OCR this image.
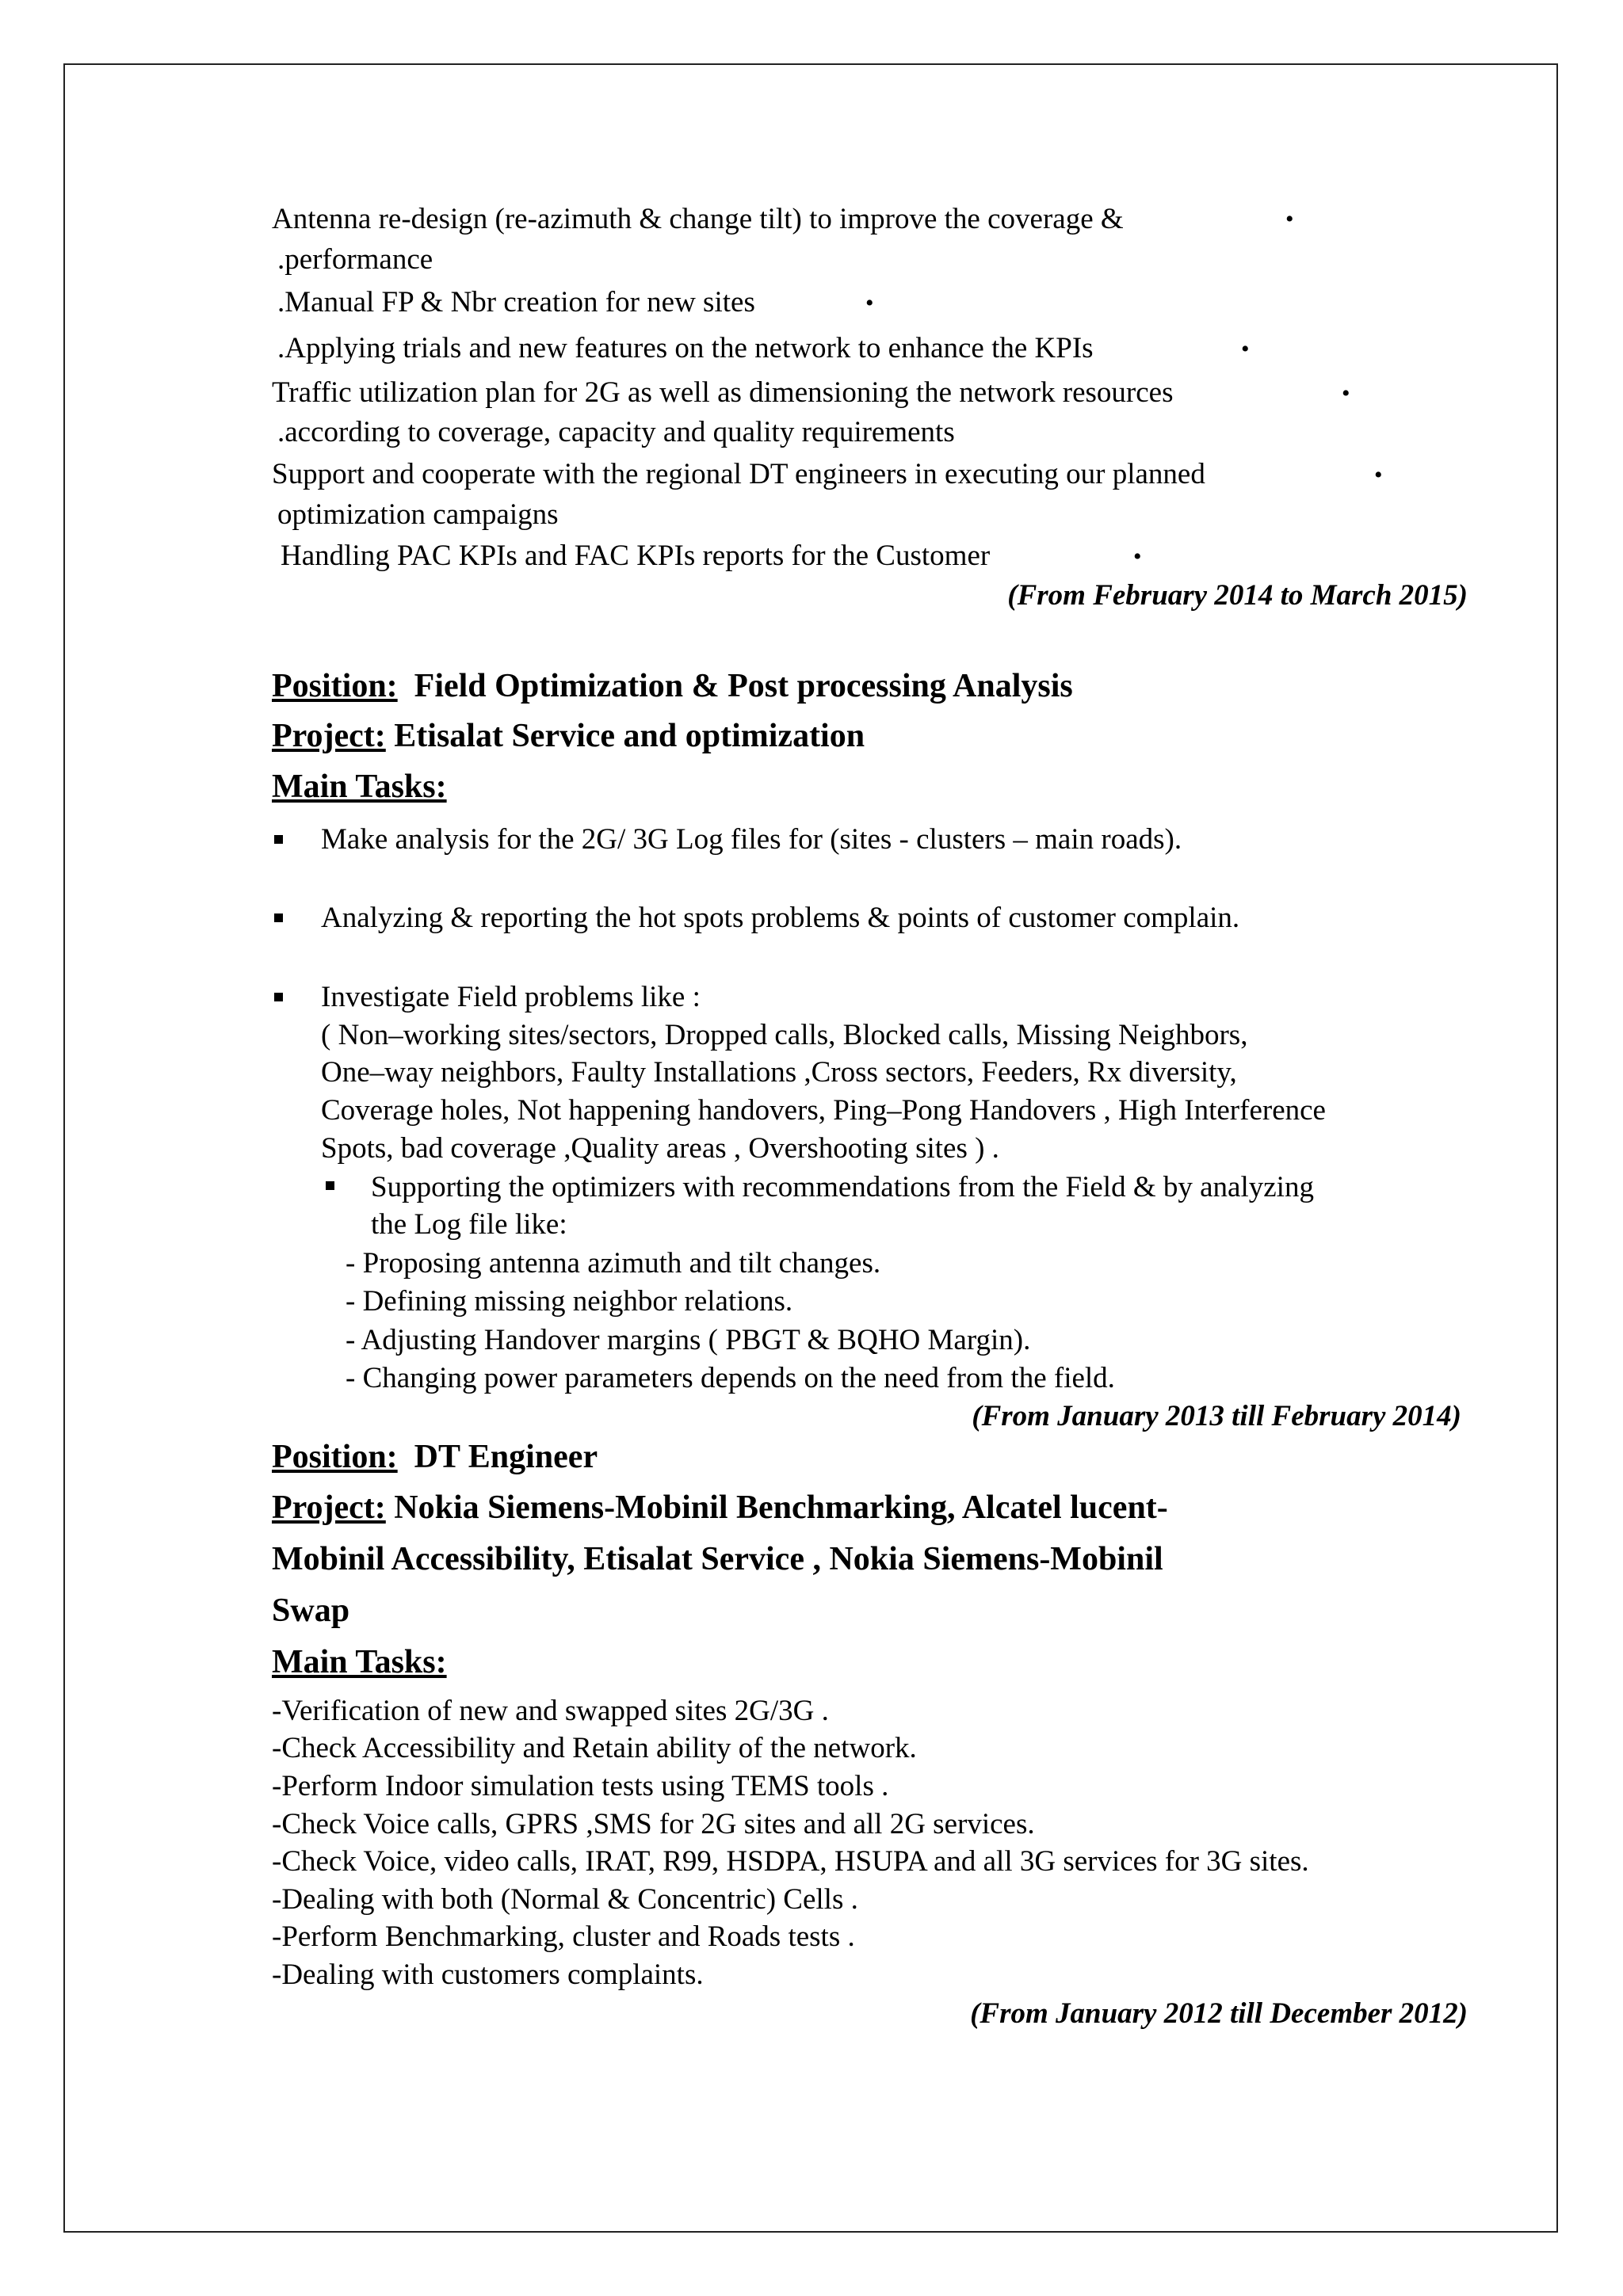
Antenna re-design (re-azimuth & change tilt) to improve the coverage &	•
.performance
.Manual FP & Nbr creation for new sites	•
.Applying trials and new features on the network to enhance the KPIs	•
Traffic utilization plan for 2G as well as dimensioning the network resources	•
.according to coverage, capacity and quality requirements
Support and cooperate with the regional DT engineers in executing our planned	•
optimization campaigns
Handling PAC KPIs and FAC KPIs reports for the Customer	•
(From February 2014 to March 2015)
Position: Field Optimization & Post processing Analysis
Project: Etisalat Service and optimization
Main Tasks:
Make analysis for the 2G/ 3G Log files for (sites - clusters – main roads).
Analyzing & reporting the hot spots problems & points of customer complain.
Investigate Field problems like :
( Non–working sites/sectors, Dropped calls, Blocked calls, Missing Neighbors,
One–way neighbors, Faulty Installations ,Cross sectors, Feeders, Rx diversity,
Coverage holes, Not happening handovers, Ping–Pong Handovers , High Interference
Spots, bad coverage ,Quality areas , Overshooting sites ) .
Supporting the optimizers with recommendations from the Field & by analyzing
the Log file like:
- Proposing antenna azimuth and tilt changes.
- Defining missing neighbor relations.
- Adjusting Handover margins ( PBGT & BQHO Margin).
- Changing power parameters depends on the need from the field.
(From January 2013 till February 2014)
Position: DT Engineer
Project: Nokia Siemens-Mobinil Benchmarking, Alcatel lucent-
Mobinil Accessibility, Etisalat Service , Nokia Siemens-Mobinil
Swap
Main Tasks:
-Verification of new and swapped sites 2G/3G .
-Check Accessibility and Retain ability of the network.
-Perform Indoor simulation tests using TEMS tools .
-Check Voice calls, GPRS ,SMS for 2G sites and all 2G services.
-Check Voice, video calls, IRAT, R99, HSDPA, HSUPA and all 3G services for 3G sites.
-Dealing with both (Normal & Concentric) Cells .
-Perform Benchmarking, cluster and Roads tests .
-Dealing with customers complaints.
(From January 2012 till December 2012)
